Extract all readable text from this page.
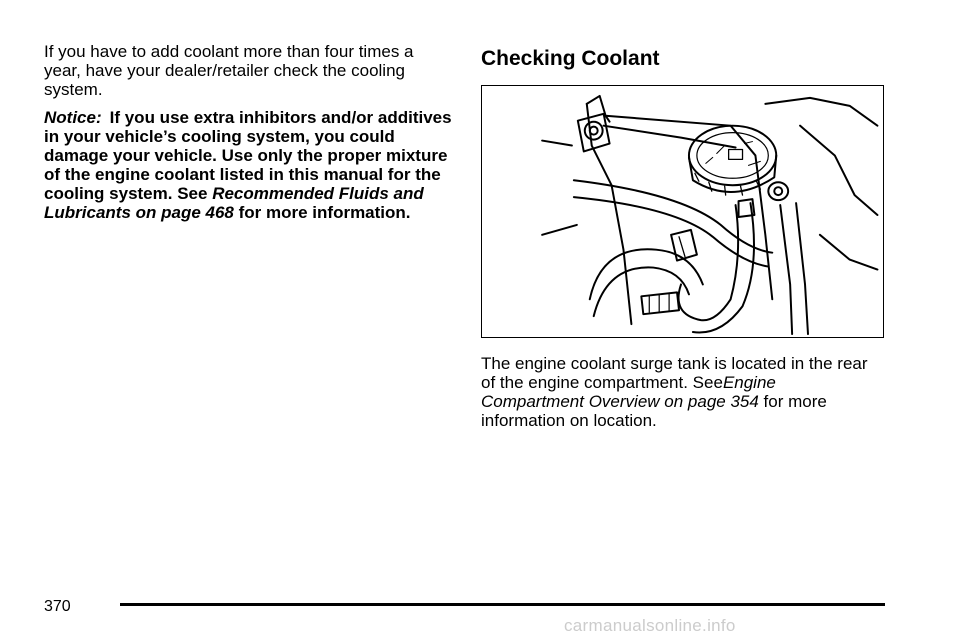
If you have to add coolant more than four times a year, have your dealer/retailer check the cooling system.

Notice: If you use extra inhibitors and/or additives in your vehicle’s cooling system, you could damage your vehicle. Use only the proper mixture of the engine coolant listed in this manual for the cooling system. See Recommended Fluids and Lubricants on page 468 for more information.

Checking Coolant

The engine coolant surge tank is located in the rear of the engine compartment. SeeEngine Compartment Overview on page 354 for more information on location.

370
carmanualsonline.info
